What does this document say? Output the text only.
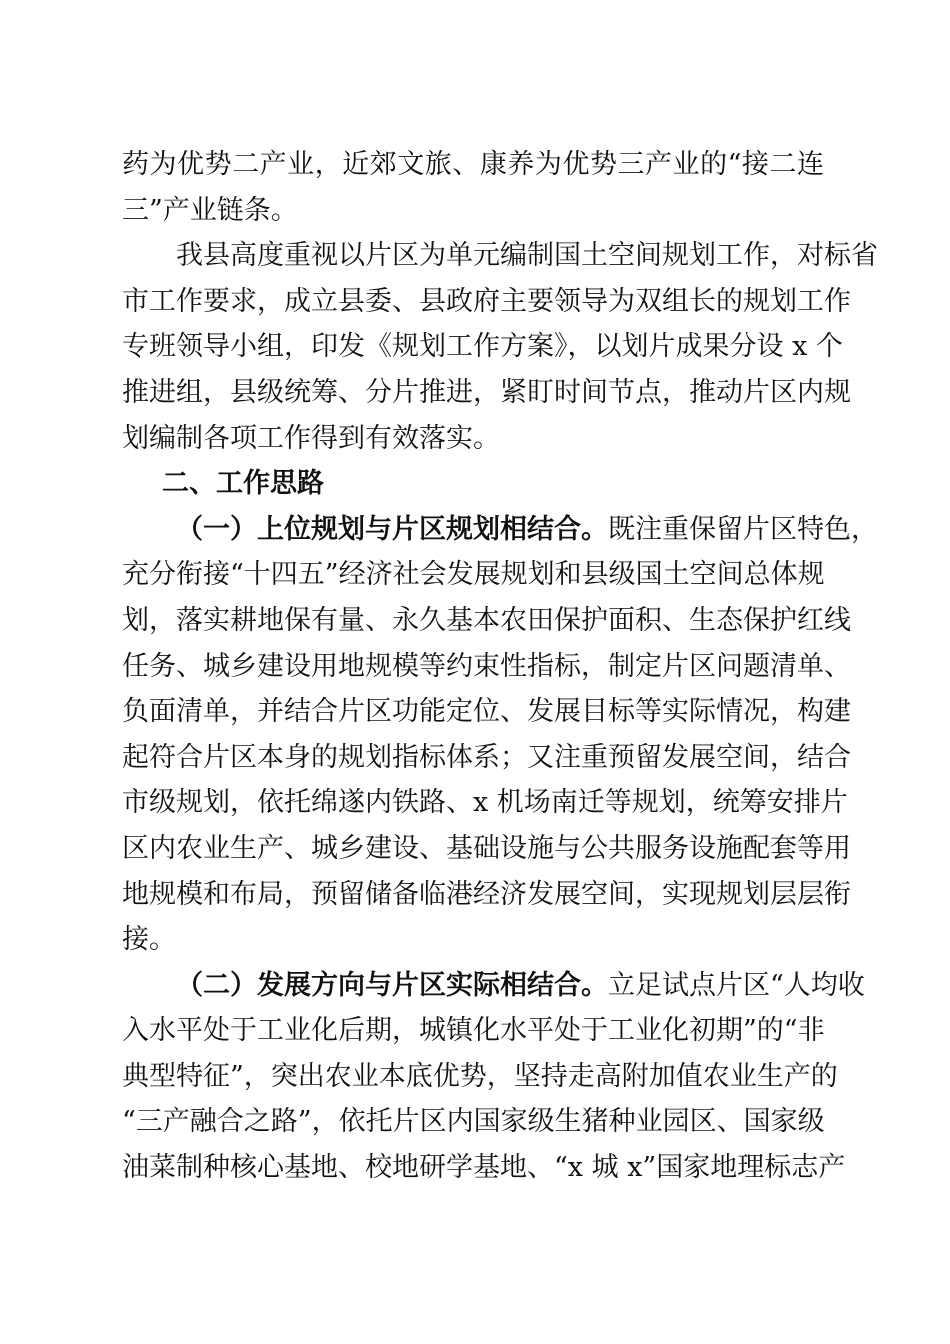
药为优势二产业，近郊文旅、康养为优势三产业的“接二连
三”产业链条。
我县高度重视以片区为单元编制国土空间规划工作，对标省
市工作要求，成立县委、县政府主要领导为双组长的规划工作
专班领导小组，印发《规划工作方案》，以划片成果分设 x 个
推进组，县级统筹、分片推进，紧盯时间节点，推动片区内规
划编制各项工作得到有效落实。
二、工作思路
（一）上位规划与片区规划相结合。既注重保留片区特色，
充分衔接“十四五”经济社会发展规划和县级国土空间总体规
划，落实耕地保有量、永久基本农田保护面积、生态保护红线
任务、城乡建设用地规模等约束性指标，制定片区问题清单、
负面清单，并结合片区功能定位、发展目标等实际情况，构建
起符合片区本身的规划指标体系；又注重预留发展空间，结合
市级规划，依托绵遂内铁路、x 机场南迁等规划，统筹安排片
区内农业生产、城乡建设、基础设施与公共服务设施配套等用
地规模和布局，预留储备临港经济发展空间，实现规划层层衔
接。
（二）发展方向与片区实际相结合。立足试点片区“人均收
入水平处于工业化后期，城镇化水平处于工业化初期”的“非
典型特征”，突出农业本底优势，坚持走高附加值农业生产的
“三产融合之路”，依托片区内国家级生猪种业园区、国家级
油菜制种核心基地、校地研学基地、“x 城 x”国家地理标志产
